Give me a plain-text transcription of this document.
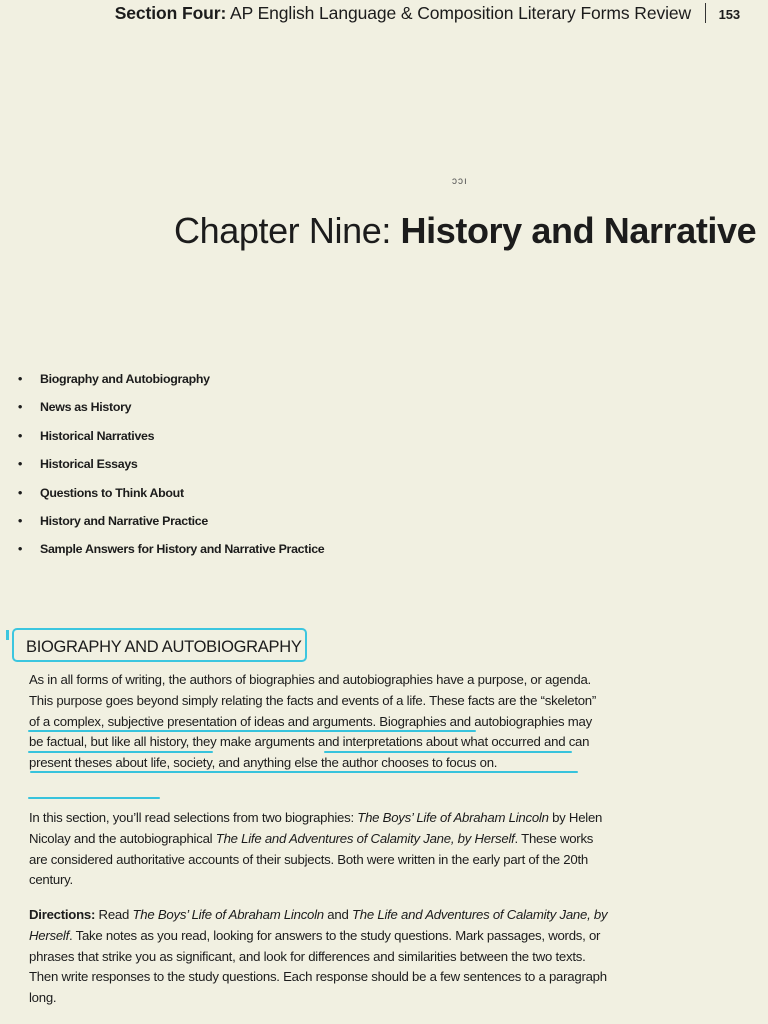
Section Four: AP English Language & Composition Literary Forms Review 153
ɔɔı
Chapter Nine: History and Narrative
• Biography and Autobiography
• News as History
• Historical Narratives
• Historical Essays
• Questions to Think About
• History and Narrative Practice
• Sample Answers for History and Narrative Practice
BIOGRAPHY AND AUTOBIOGRAPHY

As in all forms of writing, the authors of biographies and autobiographies have a purpose, or agenda. This purpose goes beyond simply relating the facts and events of a life. These facts are the “skeleton” of a complex, subjective presentation of ideas and arguments. Biographies and autobiographies may be factual, but like all history, they make arguments and interpretations about what occurred and can present theses about life, society, and anything else the author chooses to focus on.

In this section, you’ll read selections from two biographies: The Boys’ Life of Abraham Lincoln by Helen Nicolay and the autobiographical The Life and Adventures of Calamity Jane, by Herself. These works are considered authoritative accounts of their subjects. Both were written in the early part of the 20th century.

Directions: Read The Boys’ Life of Abraham Lincoln and The Life and Adventures of Calamity Jane, by Herself. Take notes as you read, looking for answers to the study questions. Mark passages, words, or phrases that strike you as significant, and look for differences and similarities between the two texts. Then write responses to the study questions. Each response should be a few sentences to a paragraph long.
